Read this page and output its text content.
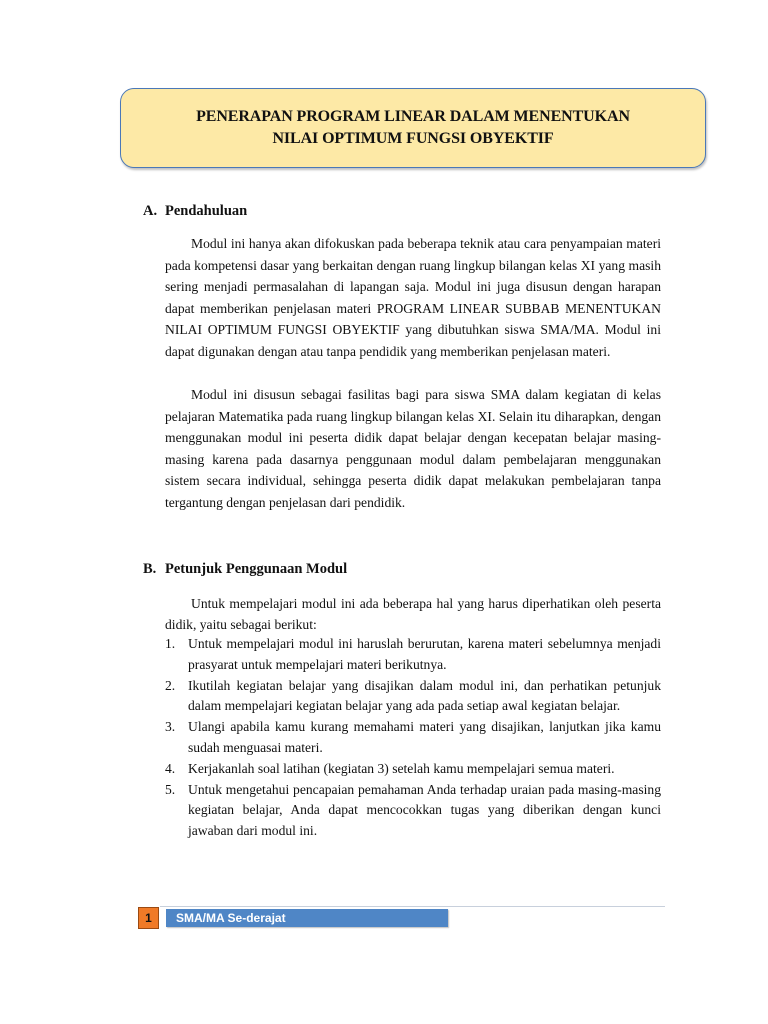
PENERAPAN PROGRAM LINEAR DALAM MENENTUKAN
NILAI OPTIMUM FUNGSI OBYEKTIF
A. Pendahuluan
Modul ini hanya akan difokuskan pada beberapa teknik atau cara penyampaian materi pada kompetensi dasar yang berkaitan dengan ruang lingkup bilangan kelas XI yang masih sering menjadi permasalahan di lapangan saja. Modul ini juga disusun dengan harapan dapat memberikan penjelasan materi PROGRAM LINEAR SUBBAB MENENTUKAN NILAI OPTIMUM FUNGSI OBYEKTIF yang dibutuhkan siswa SMA/MA. Modul ini dapat digunakan dengan atau tanpa pendidik yang memberikan penjelasan materi.
Modul ini disusun sebagai fasilitas bagi para siswa SMA dalam kegiatan di kelas pelajaran Matematika pada ruang lingkup bilangan kelas XI. Selain itu diharapkan, dengan menggunakan modul ini peserta didik dapat belajar dengan kecepatan belajar masing-masing karena pada dasarnya penggunaan modul dalam pembelajaran menggunakan sistem secara individual, sehingga peserta didik dapat melakukan pembelajaran tanpa tergantung dengan penjelasan dari pendidik.
B. Petunjuk Penggunaan Modul
Untuk mempelajari modul ini ada beberapa hal yang harus diperhatikan oleh peserta didik, yaitu sebagai berikut:
1. Untuk mempelajari modul ini haruslah berurutan, karena materi sebelumnya menjadi prasyarat untuk mempelajari materi berikutnya.
2. Ikutilah kegiatan belajar yang disajikan dalam modul ini, dan perhatikan petunjuk dalam mempelajari kegiatan belajar yang ada pada setiap awal kegiatan belajar.
3. Ulangi apabila kamu kurang memahami materi yang disajikan, lanjutkan jika kamu sudah menguasai materi.
4. Kerjakanlah soal latihan (kegiatan 3) setelah kamu mempelajari semua materi.
5. Untuk mengetahui pencapaian pemahaman Anda terhadap uraian pada masing-masing kegiatan belajar, Anda dapat mencocokkan tugas yang diberikan dengan kunci jawaban dari modul ini.
1	SMA/MA Se-derajat
